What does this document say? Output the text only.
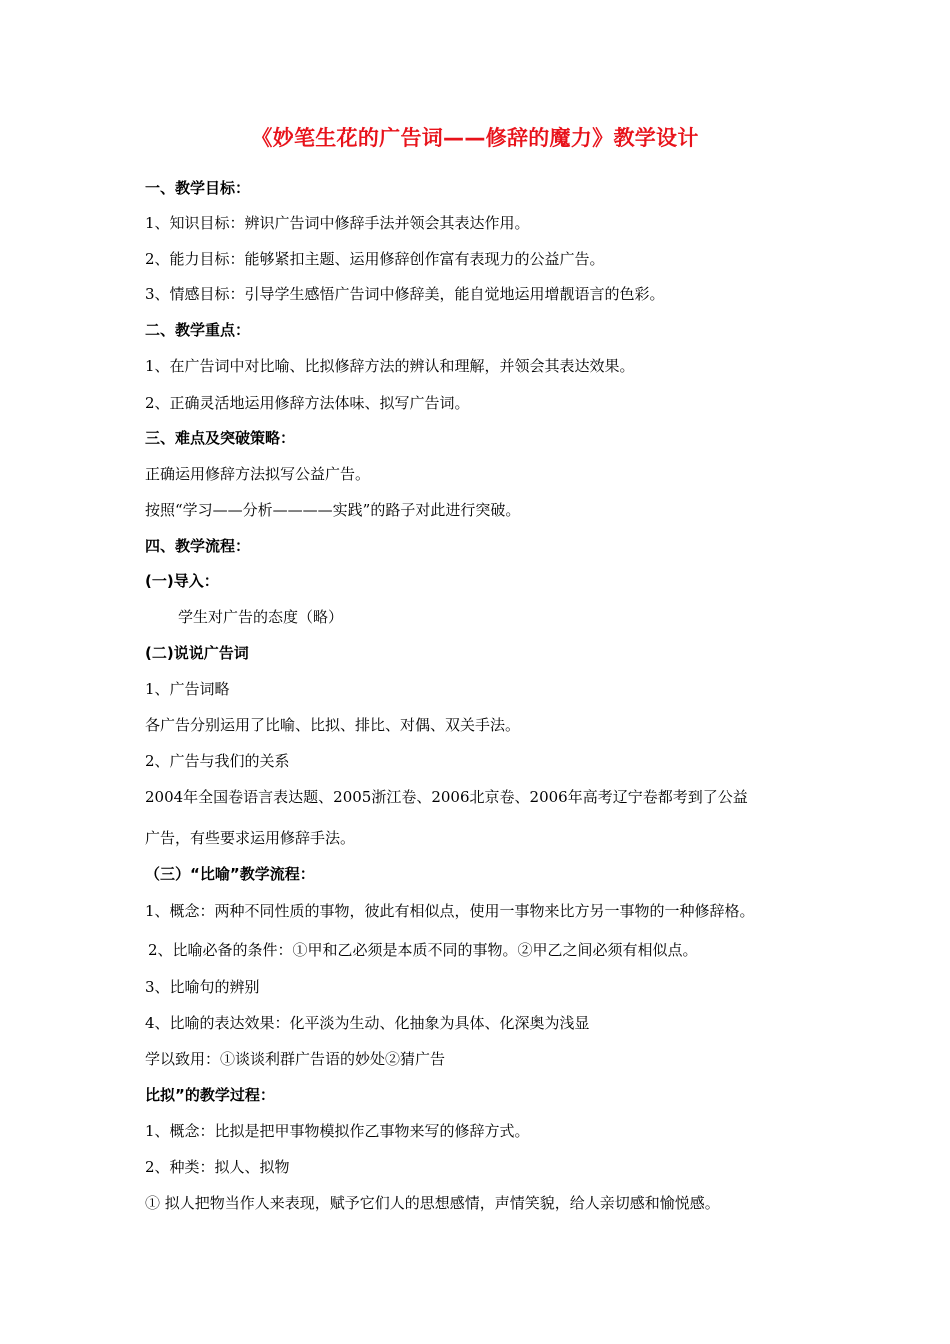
《妙笔生花的广告词——修辞的魔力》教学设计
一、教学目标：
1、知识目标：辨识广告词中修辞手法并领会其表达作用。
2、能力目标：能够紧扣主题、运用修辞创作富有表现力的公益广告。
3、情感目标：引导学生感悟广告词中修辞美，能自觉地运用增靓语言的色彩。
二、教学重点：
1、在广告词中对比喻、比拟修辞方法的辨认和理解，并领会其表达效果。
2、正确灵活地运用修辞方法体味、拟写广告词。
三、难点及突破策略：
正确运用修辞方法拟写公益广告。
按照“学习——分析————实践”的路子对此进行突破。
四、教学流程：
(一)导入：
学生对广告的态度（略）
(二)说说广告词
1、广告词略
各广告分别运用了比喻、比拟、排比、对偶、双关手法。
2、广告与我们的关系
2004年全国卷语言表达题、2005浙江卷、2006北京卷、2006年高考辽宁卷都考到了公益
广告，有些要求运用修辞手法。
（三）“比喻”教学流程：
1、概念：两种不同性质的事物，彼此有相似点，使用一事物来比方另一事物的一种修辞格。
2、比喻必备的条件：①甲和乙必须是本质不同的事物。②甲乙之间必须有相似点。
3、比喻句的辨别
4、比喻的表达效果：化平淡为生动、化抽象为具体、化深奥为浅显
学以致用：①谈谈利群广告语的妙处②猜广告
比拟”的教学过程：
1、概念：比拟是把甲事物模拟作乙事物来写的修辞方式。
2、种类：拟人、拟物
① 拟人把物当作人来表现，赋予它们人的思想感情，声情笑貌，给人亲切感和愉悦感。
